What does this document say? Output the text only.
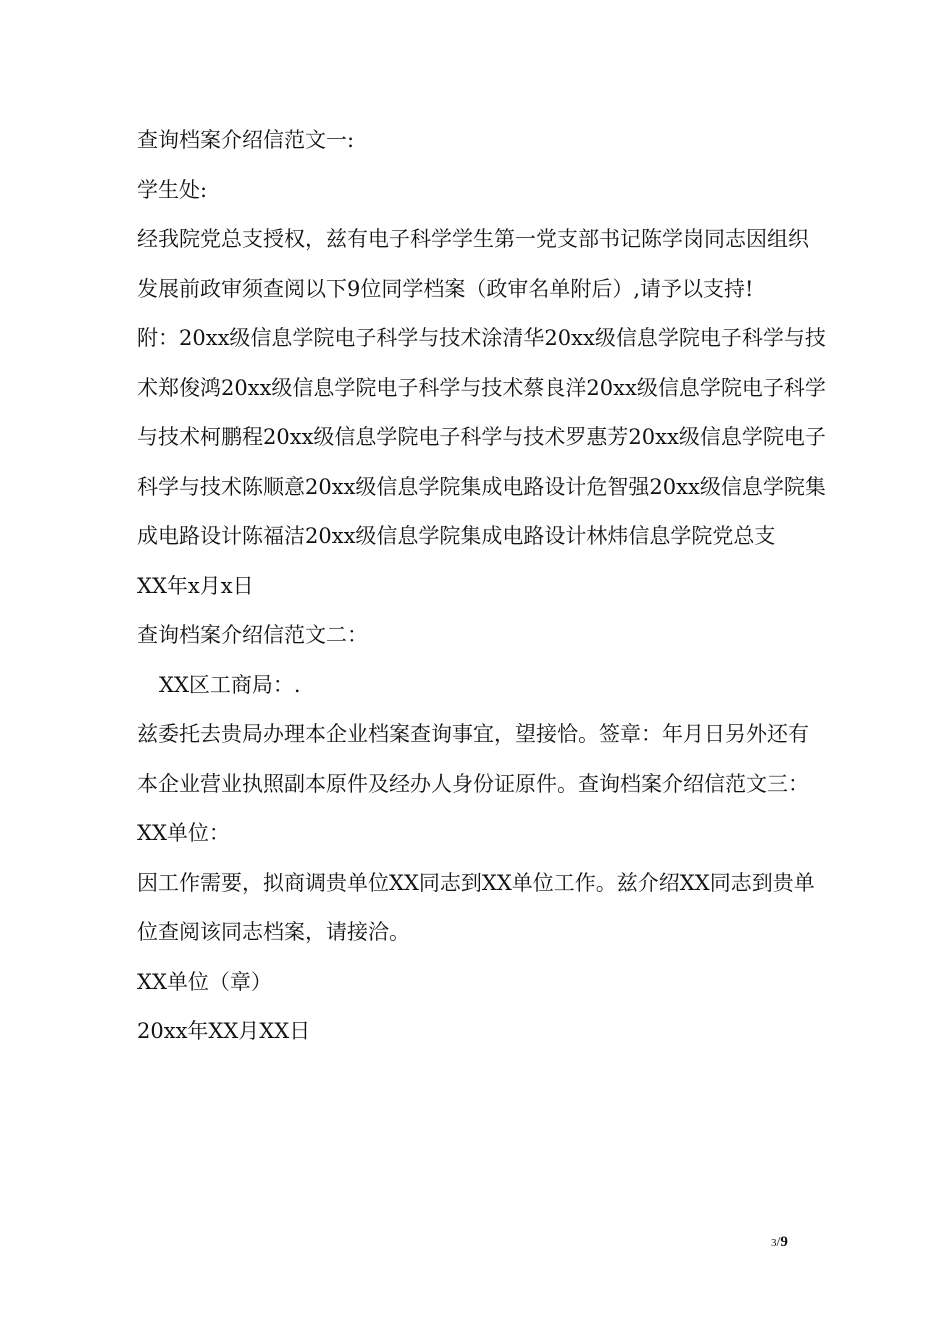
查询档案介绍信范文一:

学生处:

经我院党总支授权，兹有电子科学学生第一党支部书记陈学岗同志因组织发展前政审须查阅以下9位同学档案（政审名单附后）,请予以支持!

附：20xx级信息学院电子科学与技术涂清华20xx级信息学院电子科学与技术郑俊鸿20xx级信息学院电子科学与技术蔡良洋20xx级信息学院电子科学与技术柯鹏程20xx级信息学院电子科学与技术罗惠芳20xx级信息学院电子科学与技术陈顺意20xx级信息学院集成电路设计危智强20xx级信息学院集成电路设计陈福洁20xx级信息学院集成电路设计林炜信息学院党总支

XX年x月x日

查询档案介绍信范文二：

XX区工商局：.

兹委托去贵局办理本企业档案查询事宜，望接恰。签章：年月日另外还有本企业营业执照副本原件及经办人身份证原件。查询档案介绍信范文三：

XX单位：

因工作需要，拟商调贵单位XX同志到XX单位工作。兹介绍XX同志到贵单位查阅该同志档案，请接洽。

XX单位（章）

20xx年XX月XX日

3/9
